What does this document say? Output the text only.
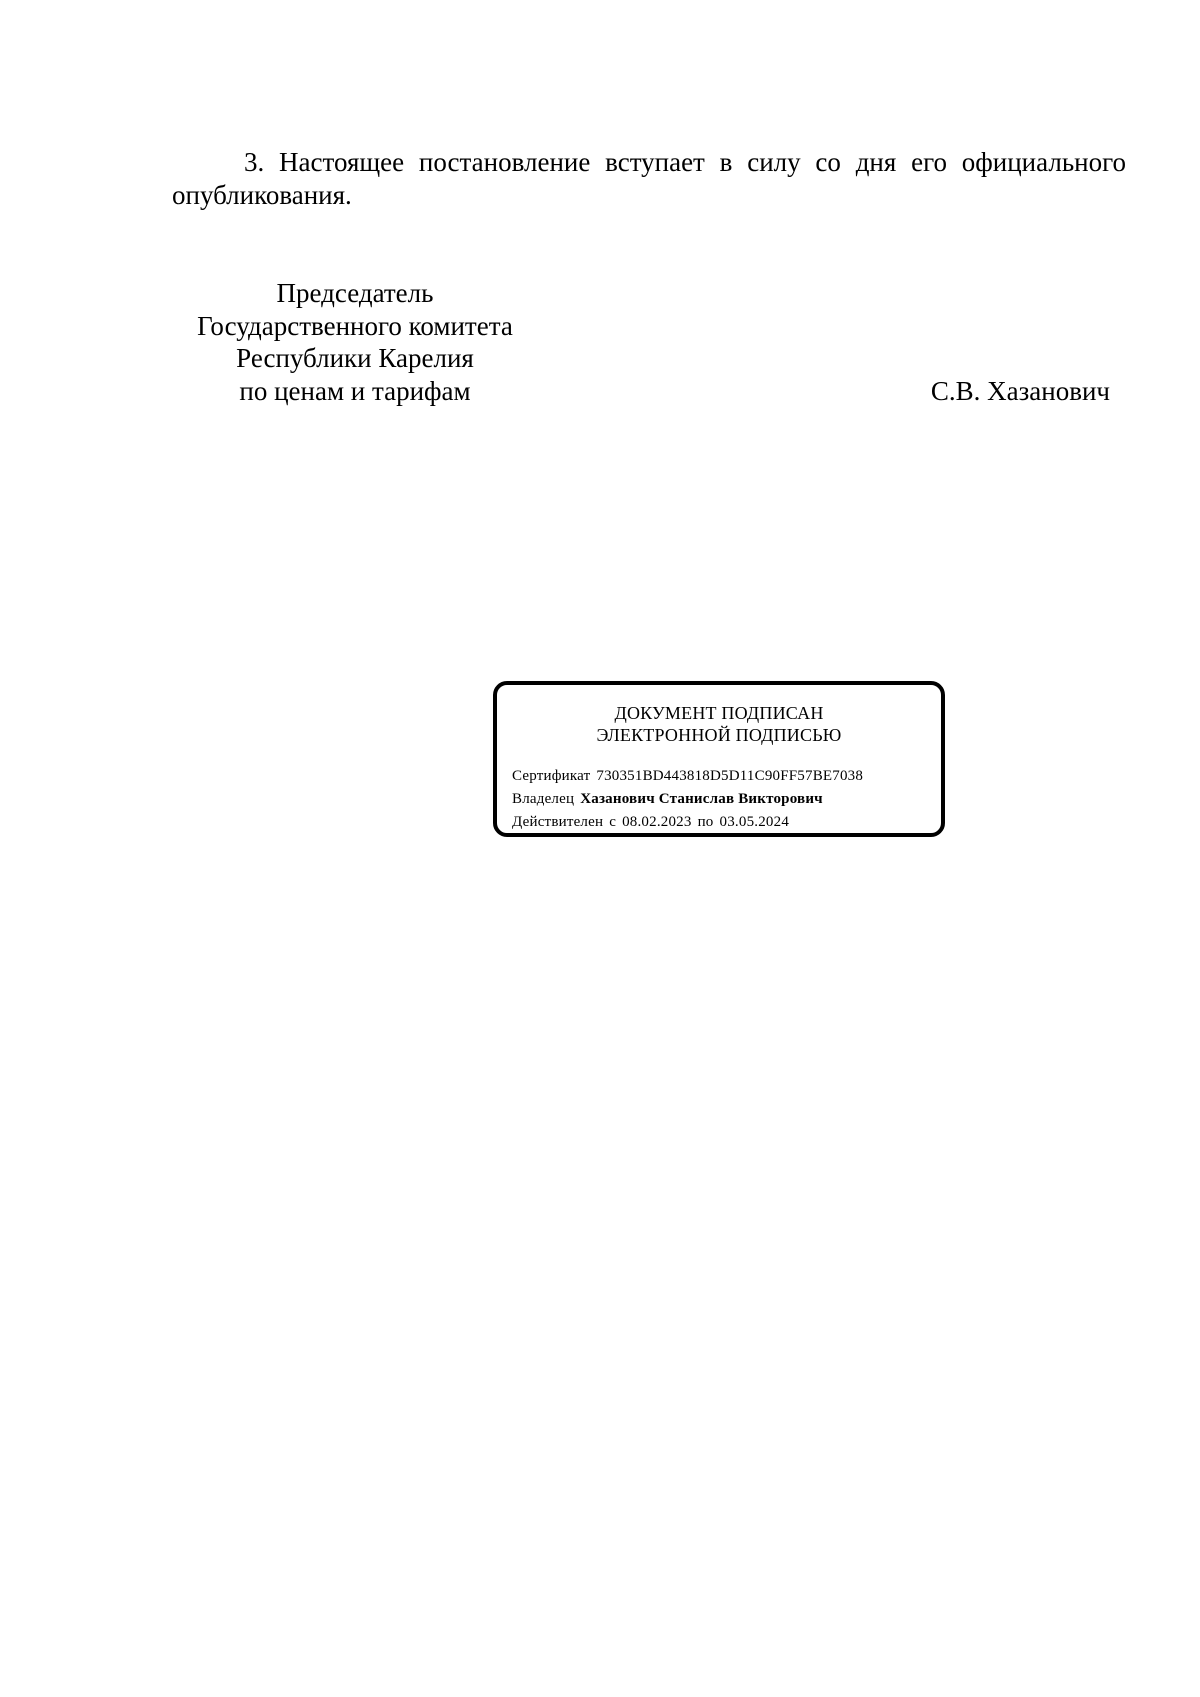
3. Настоящее постановление вступает в силу со дня его официального опубликования.

Председатель
Государственного комитета
Республики Карелия
по ценам и тарифам	С.В. Хазанович
ДОКУМЕНТ ПОДПИСАН
ЭЛЕКТРОННОЙ ПОДПИСЬЮ
Сертификат 730351BD443818D5D11C90FF57BE7038
Владелец Хазанович Станислав Викторович
Действителен с 08.02.2023 по 03.05.2024
